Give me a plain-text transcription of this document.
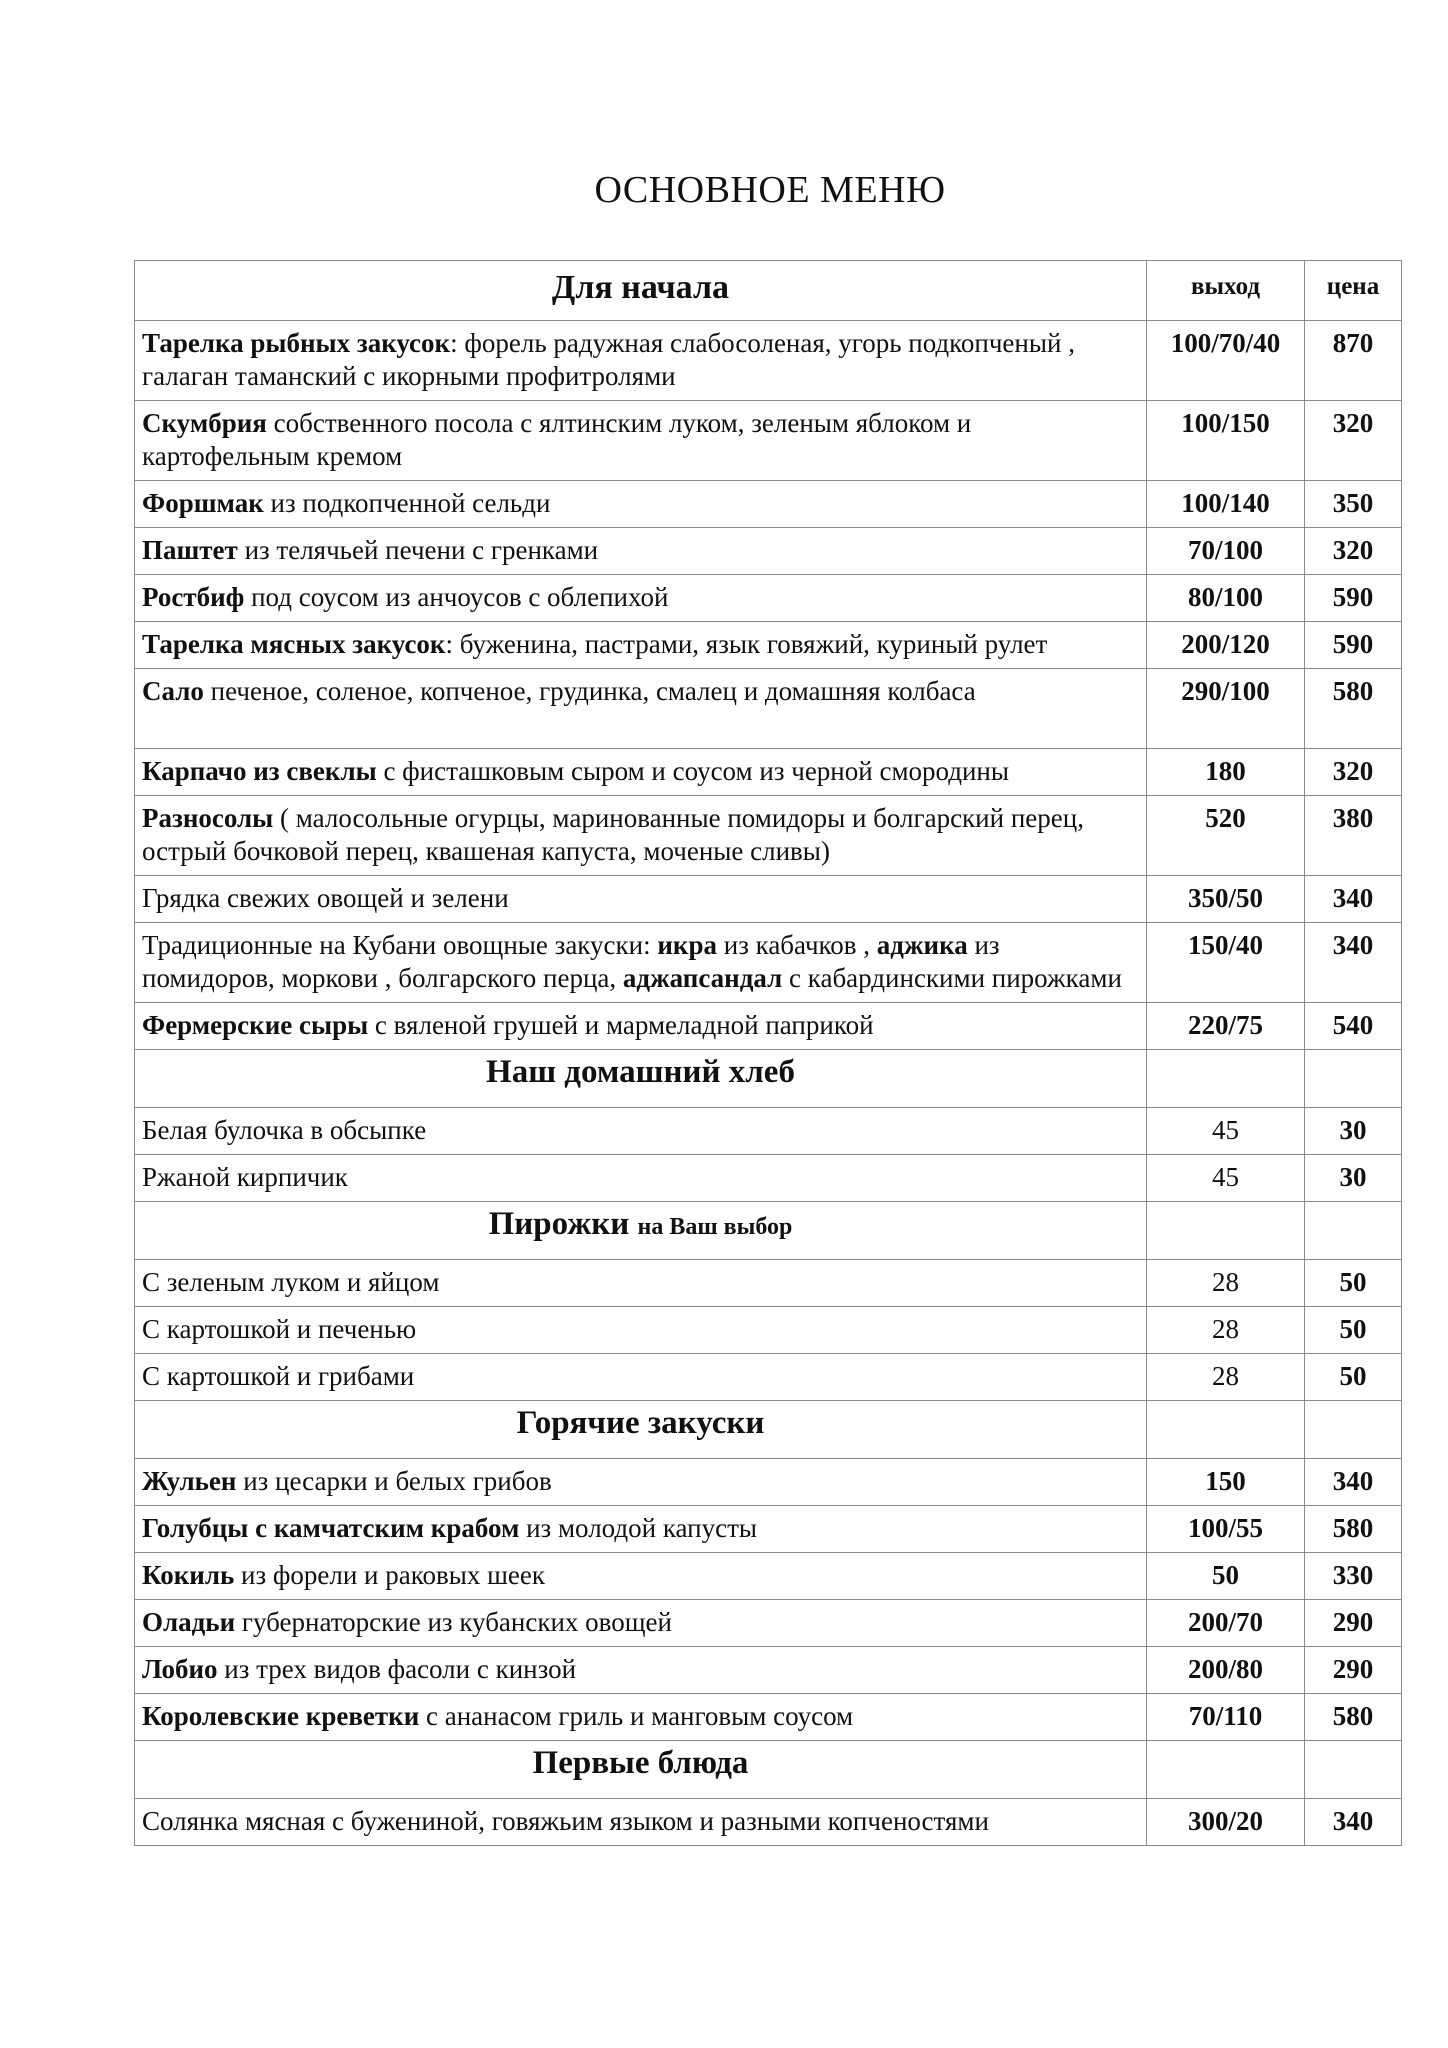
ОСНОВНОЕ МЕНЮ
Для начала	выход	цена
Тарелка рыбных закусок: форель радужная слабосоленая, угорь подкопченый , галаган таманский с икорными профитролями	100/70/40	870
Скумбрия собственного посола с ялтинским луком, зеленым яблоком и картофельным кремом	100/150	320
Форшмак из подкопченной сельди	100/140	350
Паштет из телячьей печени с гренками	70/100	320
Ростбиф под соусом из анчоусов с облепихой	80/100	590
Тарелка мясных закусок: буженина, пастрами, язык говяжий, куриный рулет	200/120	590
Сало печеное, соленое, копченое, грудинка, смалец и домашняя колбаса	290/100	580
Карпачо из свеклы с фисташковым сыром и соусом из черной смородины	180	320
Разносолы ( малосольные огурцы, маринованные помидоры и болгарский перец, острый бочковой перец, квашеная капуста, моченые сливы)	520	380
Грядка свежих овощей и зелени	350/50	340
Традиционные на Кубани овощные закуски: икра из кабачков , аджика из помидоров, моркови , болгарского перца, аджапсандал с кабардинскими пирожками	150/40	340
Фермерские сыры с вяленой грушей и мармеладной паприкой	220/75	540
Наш домашний хлеб		
Белая булочка в обсыпке	45	30
Ржаной кирпичик	45	30
Пирожки на Ваш выбор		
С зеленым луком и яйцом	28	50
С картошкой и печенью	28	50
С картошкой и грибами	28	50
Горячие закуски		
Жульен из цесарки и белых грибов	150	340
Голубцы с камчатским крабом из молодой капусты	100/55	580
Кокиль из форели и раковых шеек	50	330
Оладьи губернаторские из кубанских овощей	200/70	290
Лобио из трех видов фасоли с кинзой	200/80	290
Королевские креветки с ананасом гриль и манговым соусом	70/110	580
Первые блюда		
Солянка мясная с бужениной, говяжьим языком и разными копченостями	300/20	340
